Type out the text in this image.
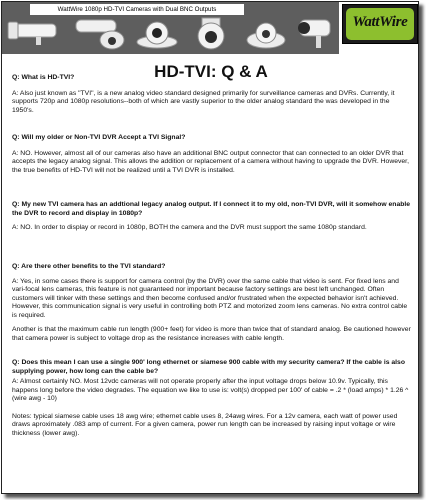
WattWire 1080p HD-TVI Cameras with Dual BNC Outputs
WattWire
HD-TVI: Q & A

Q: What is HD-TVI?

A: Also just known as "TVI", is a new analog video standard designed primarily for surveillance cameras and DVRs. Currently, it supports 720p and 1080p resolutions--both of which are vastly superior to the older analog standard the was developed in the 1950's.

Q: Will my older or Non-TVI DVR Accept a TVI Signal?

A: NO. However, almost all of our cameras also have an additional BNC output connector that can connected to an older DVR that accepts the legacy analog signal. This allows the addition or replacement of a camera without having to upgrade the DVR. However, the true benefits of HD-TVI will not be realized until a TVI DVR is installed.

Q: My new TVI camera has an addtional legacy analog output. If I connect it to my old, non-TVI DVR, will it somehow enable the DVR to record and display in 1080p?

A: NO. In order to display or record in 1080p, BOTH the camera and the DVR must support the same 1080p standard.

Q: Are there other benefits to the TVI standard?

A: Yes, in some cases there is support for camera control (by the DVR) over the same cable that video is sent. For fixed lens and vari-focal lens cameras, this feature is not guaranteed nor important because factory settings are best left unchanged. Often customers will tinker with these settings and then become confused and/or frustrated when the expected behavior isn't achieved. However, this communication signal is very useful in controlling both PTZ and motorized zoom lens cameras. No extra control cable is required.

Another is that the maximum cable run length (900+ feet) for video is more than twice that of standard analog. Be cautioned however that camera power is subject to voltage drop as the resistance increases with cable length.

Q: Does this mean I can use a single 900' long ethernet or siamese 900 cable with my security camera? If the cable is also supplying power, how long can the cable be?

A: Almost certainly NO. Most 12vdc cameras will not operate properly after the input voltage drops below 10.9v. Typically, this happens long before the video degrades. The equation we like to use is: volt(s) dropped per 100' of cable = .2 * (load amps) * 1.26 ^ (wire awg - 10)

Notes: typical siamese cable uses 18 awg wire; ethernet cable uses 8, 24awg wires. For a 12v camera, each watt of power used draws aproximately .083 amp of current. For a given camera, power run length can be increased by raising input voltage or wire thickness (lower awg).
